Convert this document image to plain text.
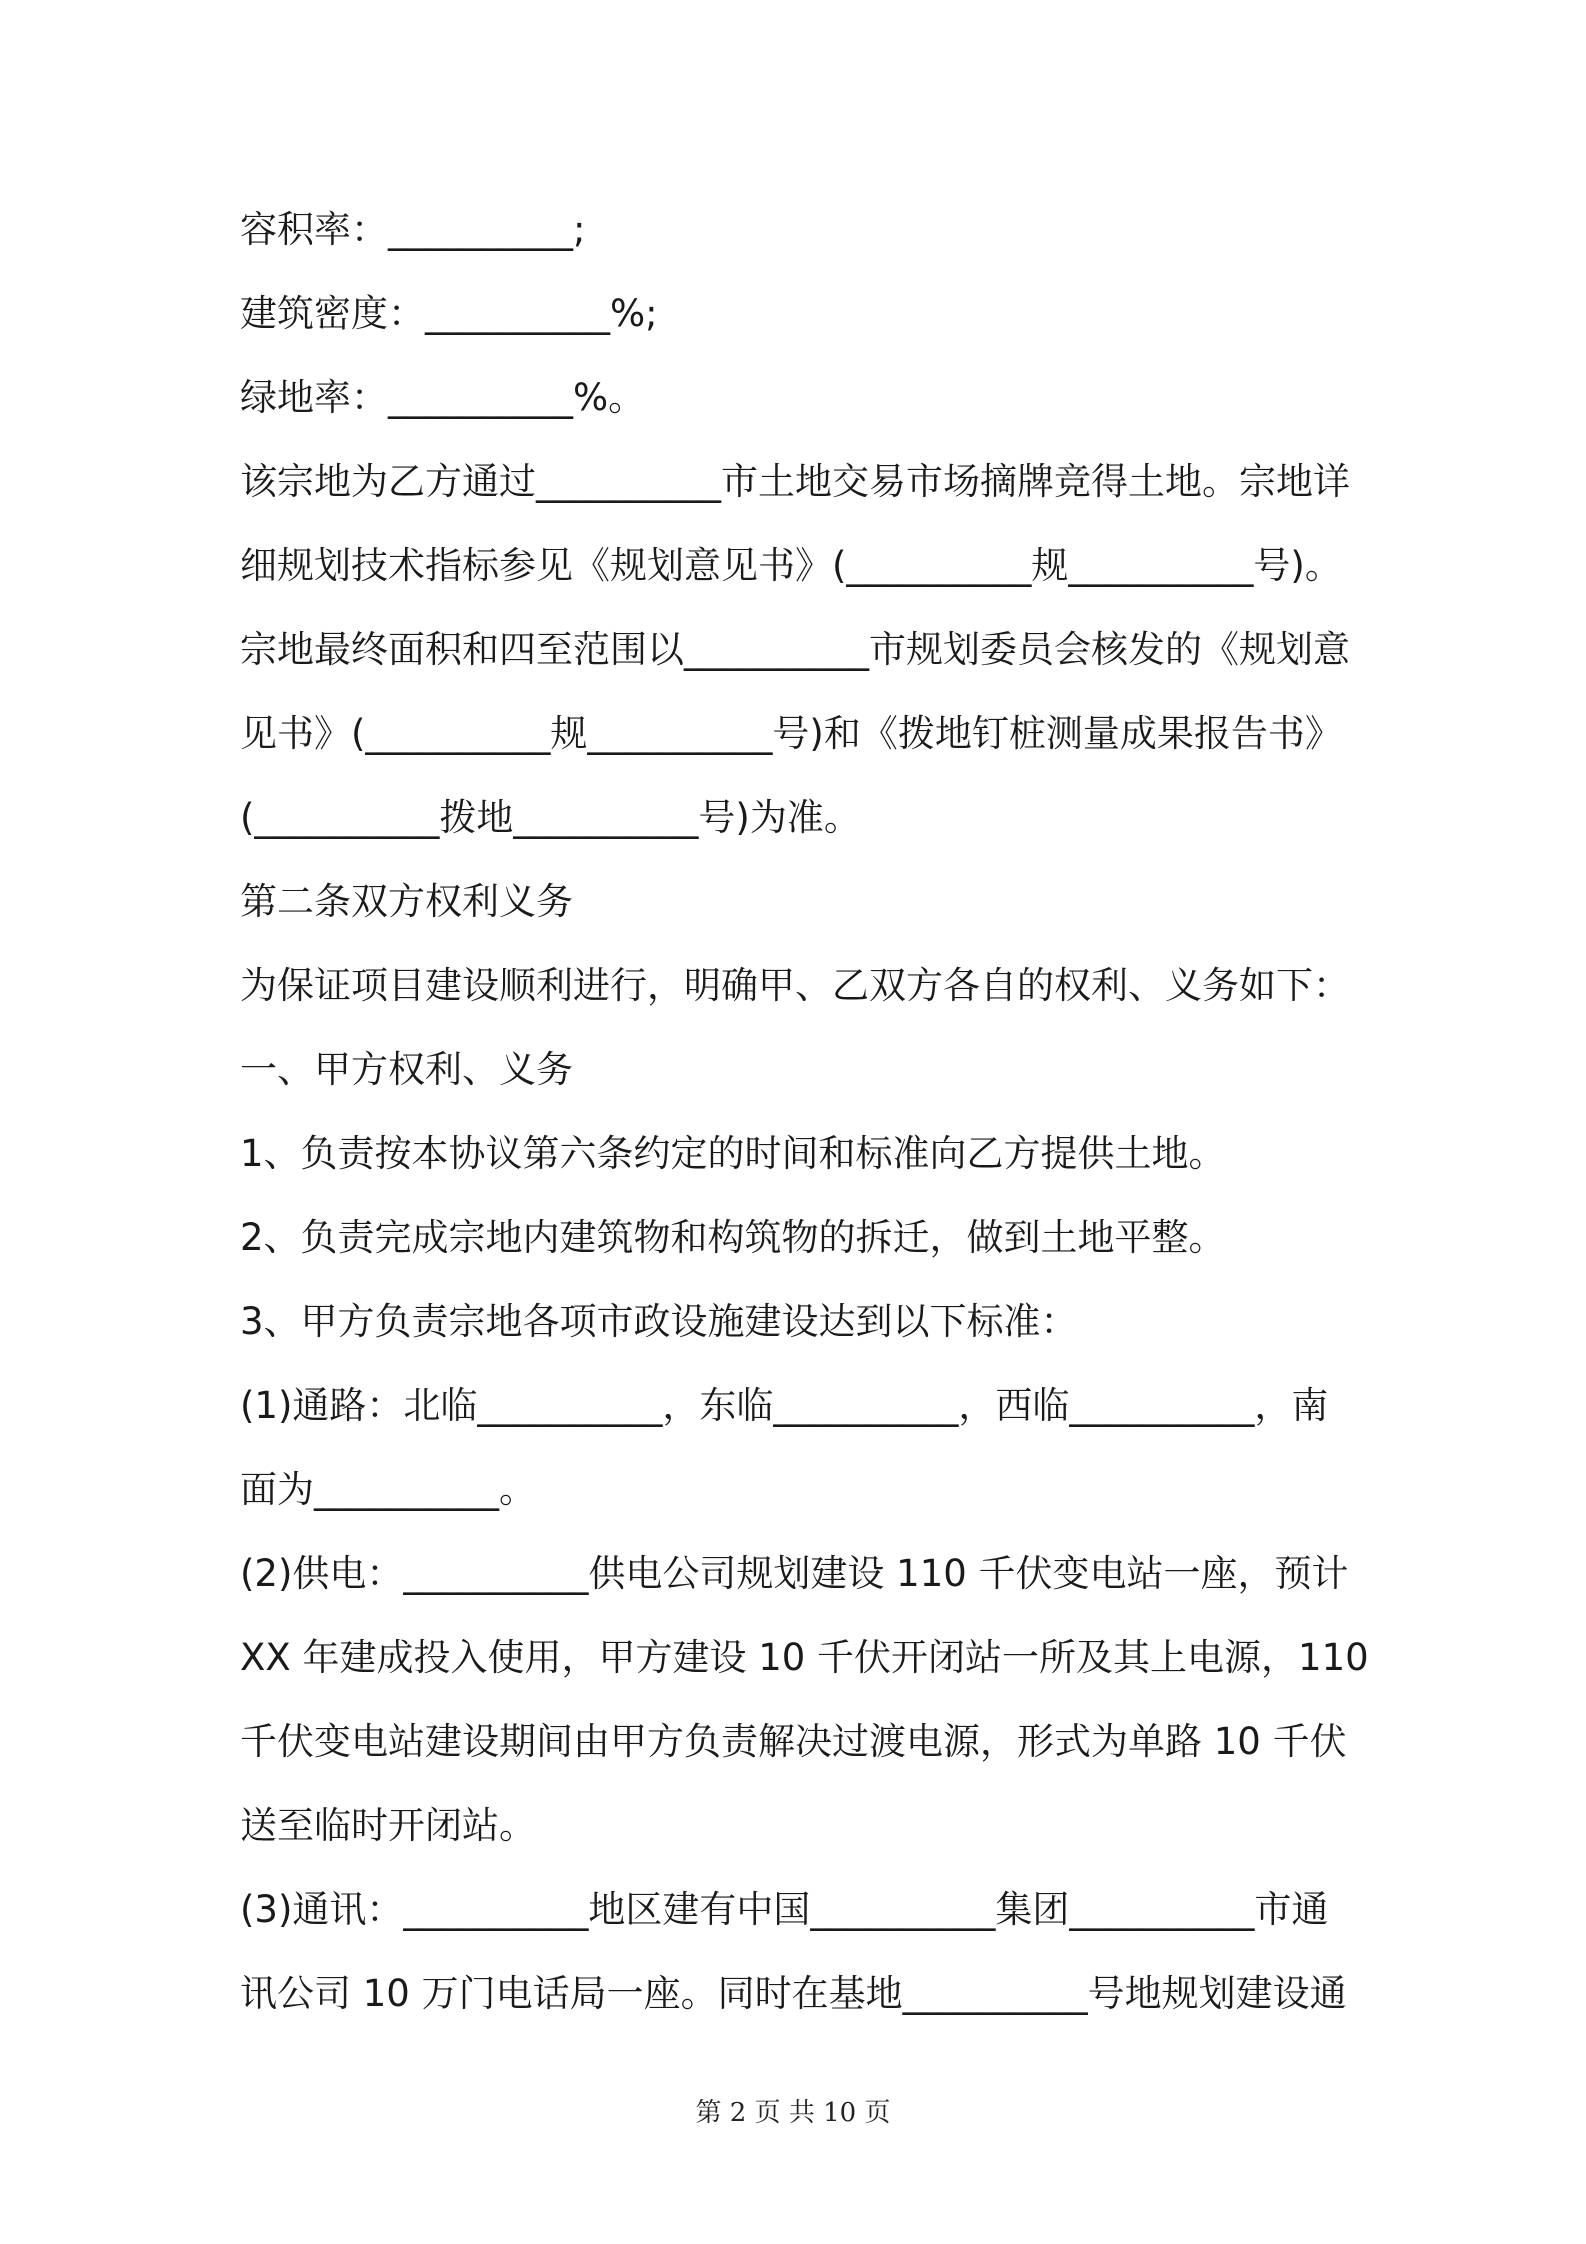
容积率：__________;
建筑密度：__________%;
绿地率：__________%。
该宗地为乙方通过__________市土地交易市场摘牌竞得土地。宗地详
细规划技术指标参见《规划意见书》(__________规__________号)。
宗地最终面积和四至范围以__________市规划委员会核发的《规划意
见书》(__________规__________号)和《拨地钉桩测量成果报告书》
(__________拨地__________号)为准。
第二条双方权利义务
为保证项目建设顺利进行，明确甲、乙双方各自的权利、义务如下：
一、甲方权利、义务
1、负责按本协议第六条约定的时间和标准向乙方提供土地。
2、负责完成宗地内建筑物和构筑物的拆迁，做到土地平整。
3、甲方负责宗地各项市政设施建设达到以下标准：
(1)通路：北临__________，东临__________，西临__________，南
面为__________。
(2)供电：__________供电公司规划建设 110 千伏变电站一座，预计
XX 年建成投入使用，甲方建设 10 千伏开闭站一所及其上电源，110
千伏变电站建设期间由甲方负责解决过渡电源，形式为单路 10 千伏
送至临时开闭站。
(3)通讯：__________地区建有中国__________集团__________市通
讯公司 10 万门电话局一座。同时在基地__________号地规划建设通
第 2 页 共 10 页
